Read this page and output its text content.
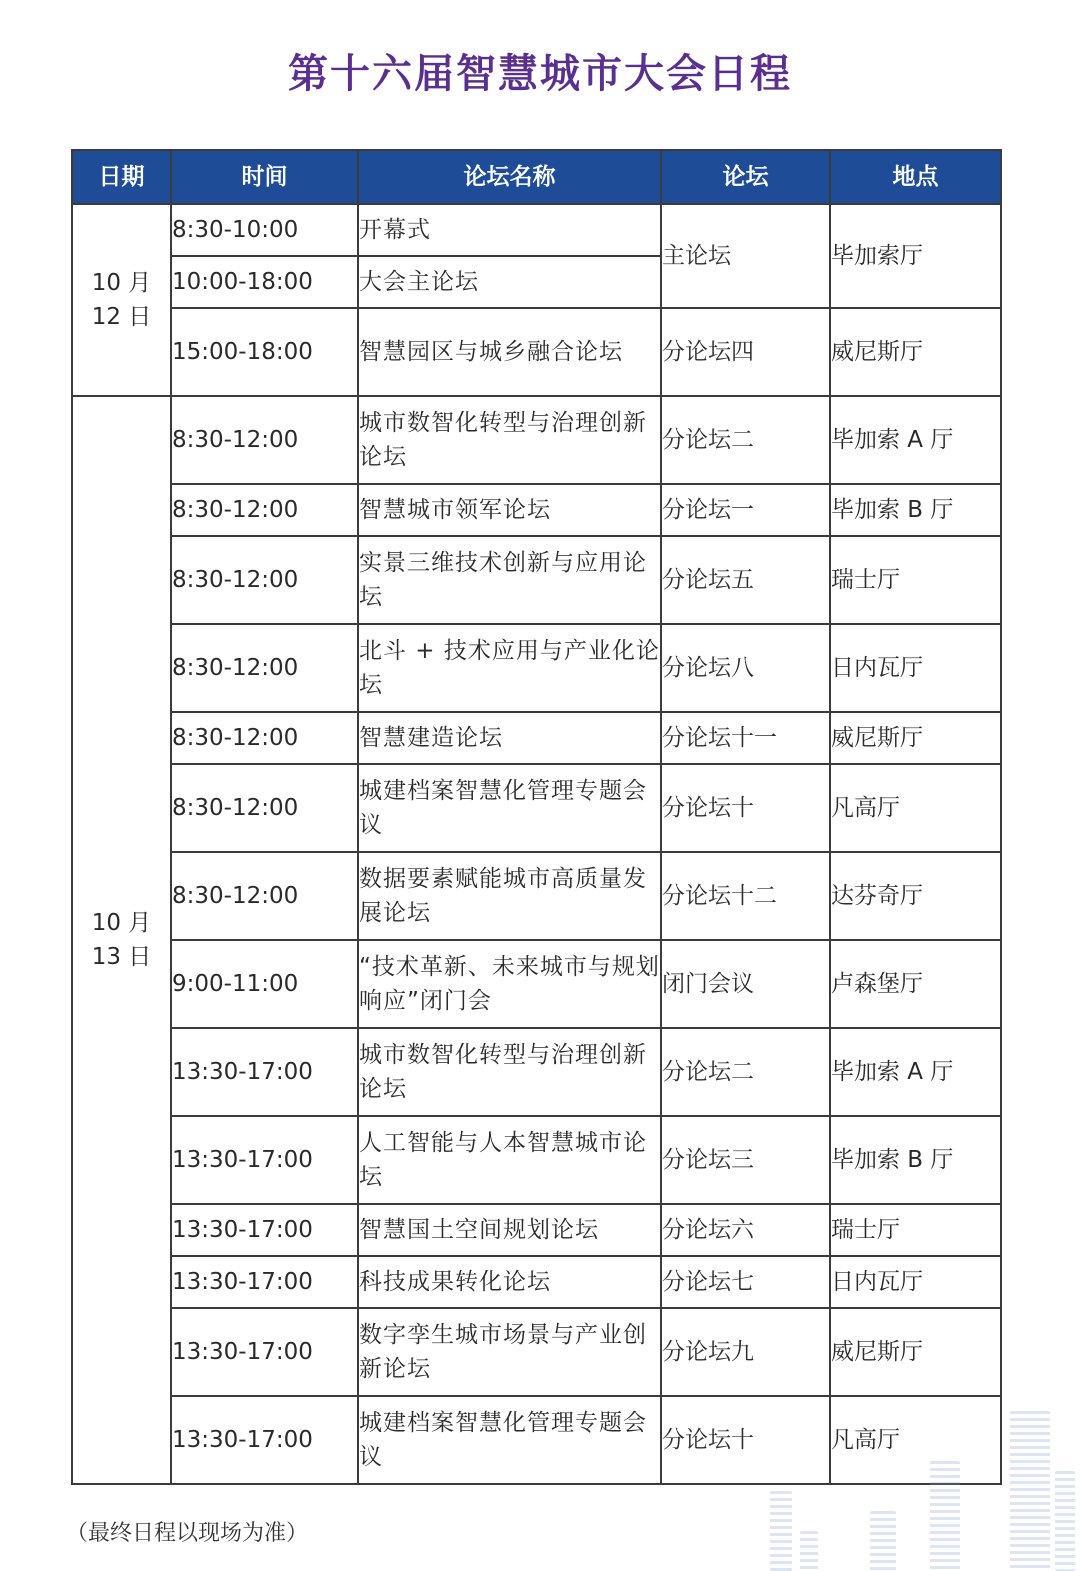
第十六届智慧城市大会日程
日期	时间	论坛名称	论坛	地点

10 月
12 日	8:30-10:00	开幕式	主论坛	毕加索厅
	10:00-18:00	大会主论坛		
	15:00-18:00	智慧园区与城乡融合论坛	分论坛四	威尼斯厅

10 月
13 日	8:30-12:00	城市数智化转型与治理创新论坛	分论坛二	毕加索 A 厅
	8:30-12:00	智慧城市领军论坛	分论坛一	毕加索 B 厅
	8:30-12:00	实景三维技术创新与应用论坛	分论坛五	瑞士厅
	8:30-12:00	北斗 + 技术应用与产业化论坛	分论坛八	日内瓦厅
	8:30-12:00	智慧建造论坛	分论坛十一	威尼斯厅
	8:30-12:00	城建档案智慧化管理专题会议	分论坛十	凡高厅
	8:30-12:00	数据要素赋能城市高质量发展论坛	分论坛十二	达芬奇厅
	9:00-11:00	“技术革新、未来城市与规划响应”闭门会	闭门会议	卢森堡厅
	13:30-17:00	城市数智化转型与治理创新论坛	分论坛二	毕加索 A 厅
	13:30-17:00	人工智能与人本智慧城市论坛	分论坛三	毕加索 B 厅
	13:30-17:00	智慧国土空间规划论坛	分论坛六	瑞士厅
	13:30-17:00	科技成果转化论坛	分论坛七	日内瓦厅
	13:30-17:00	数字孪生城市场景与产业创新论坛	分论坛九	威尼斯厅
	13:30-17:00	城建档案智慧化管理专题会议	分论坛十	凡高厅
（最终日程以现场为准）
